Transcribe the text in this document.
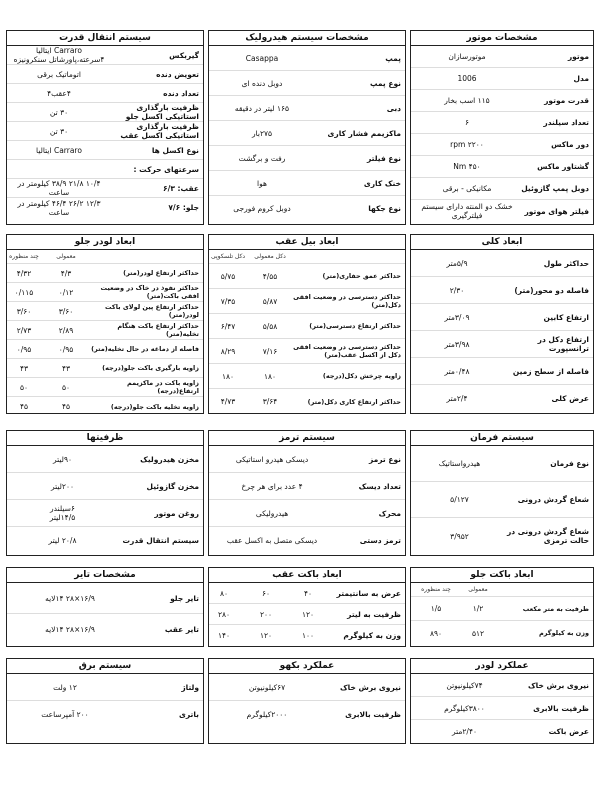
مشخصات موتور
موتور
موتورسازان
مدل
1006
قدرت موتور
۱۱۵ اسب بخار
تعداد سیلندر
۶
دور ماکس
۲۲۰۰ rpm
گشتاور ماکس
۴۵۰ Nm
دوبل پمپ گازوئیل
مکانیکی - برقی
فیلتر هوای موتور
خشک دو المنته دارای سیستم فیلترگیری
مشخصات سیستم هیدرولیک
پمپ
Casappa
نوع پمپ
دوبل دنده ای
دبی
۱۶۵ لیتر در دقیقه
ماکزیمم فشار کاری
۲۷۵بار
نوع فیلتر
رفت و برگشت
خنک کاری
هوا
نوع جکها
دوبل کروم فورجی
سیستم انتقال قدرت
گیربکس
Carraro ایتالیا
۴سرعته،پاورشاتل سنکرونیزه
تعویض دنده
اتوماتیک برقی
تعداد دنده
۴عقب۴
ظرفیت بارگذاری استاتیکی اکسل جلو
۳۰ تن
ظرفیت بارگذاری استاتیکی اکسل عقب
۳۰ تن
نوع اکسل ها
Carraro ایتالیا
سرعتهای حرکت :
عقب: ۶/۳
۱۰/۴ ۲۱/۸ ۳۸/۹ کیلومتر در ساعت
جلو: ۷/۶
۱۲/۳ ۲۶/۲ ۴۶/۴ کیلومتر در ساعت
ابعاد کلی
حداکثر طول
۵/۹متر
فاصله دو محور(متر)
۲/۳۰
ارتفاع کابین
۳/۰۹متر
ارتفاع دکل در ترانسپورت
۳/۹۸متر
فاصله از سطح زمین
۰/۴۸متر
عرض کلی
۲/۴متر
ابعاد بیل عقب
دکل معمولی
دکل تلسکوپی
حداکثر عمق حفاری(متر)
۴/۵۵
۵/۷۵
حداکثر دسترسی در وضعیت افقی دکل(متر)
۵/۸۷
۷/۳۵
حداکثر ارتفاع دسترسی(متر)
۵/۵۸
۶/۴۷
حداکثر دسترسی در وضعیت افقی دکل از اکسل عقب(متر)
۷/۱۶
۸/۲۹
زاویه چرخش دکل(درجه)
۱۸۰
۱۸۰
حداکثر ارتفاع کاری دکل(متر)
۳/۶۴
۴/۷۳
ابعاد لودر جلو
معمولی
چند منظوره
حداکثر ارتفاع لودر(متر)
۴/۳
۴/۳۲
حداکثر نفوذ در خاک در وضعیت افقی باکت(متر)
۰/۱۲
۰/۱۱۵
حداکثر ارتفاع پین لولای باکت لودر(متر)
۳/۶۰
۳/۶۰
حداکثر ارتفاع باکت هنگام تخلیه(متر)
۲/۸۹
۲/۷۳
فاصله از دماغه در حال تخلیه(متر)
۰/۹۵
۰/۹۵
زاویه بارگیری باکت جلو(درجه)
۴۳
۴۳
زاویه باکت در ماکزیمم ارتفاع(درجه)
۵۰
۵۰
زاویه تخلیه باکت جلو(درجه)
۴۵
۴۵
سیستم فرمان
نوع فرمان
هیدرواستاتیک
شعاع گردش درونی
۵/۱۲۷
شعاع گردش درونی در حالت ترمزی
۳/۹۵۲
سیستم ترمز
نوع ترمز
دیسکی هیدرو استاتیکی
تعداد دیسک
۴ عدد برای هر چرخ
محرک
هیدرولیکی
ترمز دستی
دیسکی متصل به اکسل عقب
ظرفیتها
مخزن هیدرولیک
۹۰لیتر
مخزن گازوئیل
۲۰۰لیتر
روغن موتور
۶سیلندر
۱۴/۵لیتر
سیستم انتقال قدرت
۲۰/۸ لیتر
ابعاد باکت جلو
معمولی
چند منظوره
ظرفیت به متر مکعب
۱/۲
۱/۵
وزن به کیلوگرم
۵۱۲
۸۹۰
ابعاد باکت عقب
عرض به سانتیمتر
۴۰
۶۰
۸۰
ظرفیت به لیتر
۱۲۰
۲۰۰
۲۸۰
وزن به کیلوگرم
۱۰۰
۱۲۰
۱۴۰
مشخصات تایر
تایر جلو
۱۶/۹×۲۸ ۱۴لایه
تایر عقب
۱۶/۹×۲۸ ۱۴لایه
عملکرد لودر
نیروی برش خاک
۷۴کیلونیوتن
ظرفیت بالابری
۳۸۰۰کیلوگرم
عرض باکت
۲/۴۰متر
عملکرد بکهو
نیروی برش خاک
۶۷کیلونیوتن
ظرفیت بالابری
۲۰۰۰کیلوگرم
سیستم برق
ولتاژ
۱۲ ولت
باتری
۲۰۰ آمپرساعت
